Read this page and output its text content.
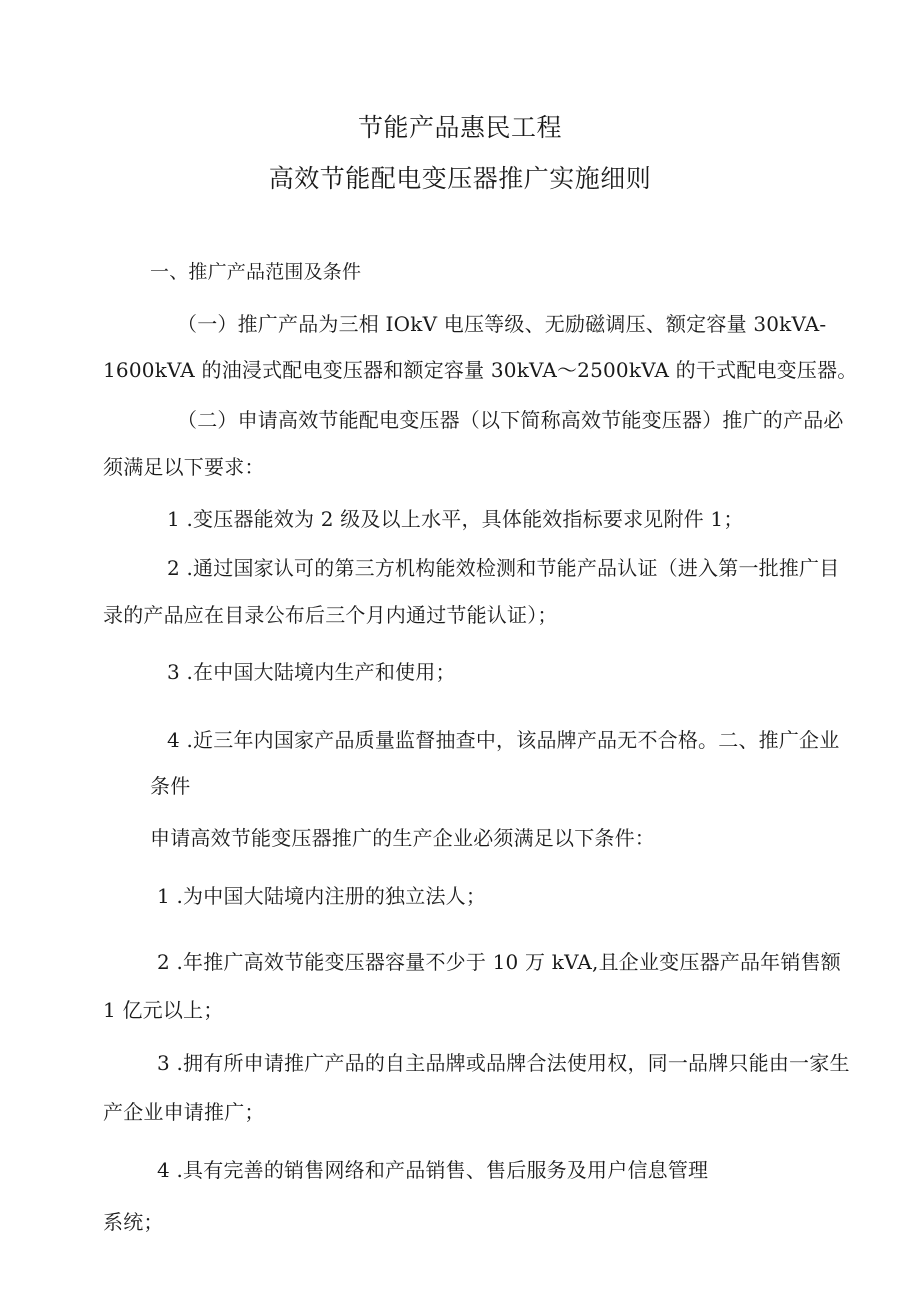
节能产品惠民工程
高效节能配电变压器推广实施细则
一、推广产品范围及条件
（一）推广产品为三相 IOkV 电压等级、无励磁调压、额定容量 30kVA-
1600kVA 的油浸式配电变压器和额定容量 30kVA～2500kVA 的干式配电变压器。
（二）申请高效节能配电变压器（以下简称高效节能变压器）推广的产品必
须满足以下要求：
1 .变压器能效为 2 级及以上水平，具体能效指标要求见附件 1；
2 .通过国家认可的第三方机构能效检测和节能产品认证（进入第一批推广目
录的产品应在目录公布后三个月内通过节能认证）；
3 .在中国大陆境内生产和使用；
4 .近三年内国家产品质量监督抽查中，该品牌产品无不合格。二、推广企业
条件
申请高效节能变压器推广的生产企业必须满足以下条件：
1 .为中国大陆境内注册的独立法人；
2 .年推广高效节能变压器容量不少于 10 万 kVA,且企业变压器产品年销售额
1 亿元以上；
3 .拥有所申请推广产品的自主品牌或品牌合法使用权，同一品牌只能由一家生
产企业申请推广；
4 .具有完善的销售网络和产品销售、售后服务及用户信息管理
系统；
